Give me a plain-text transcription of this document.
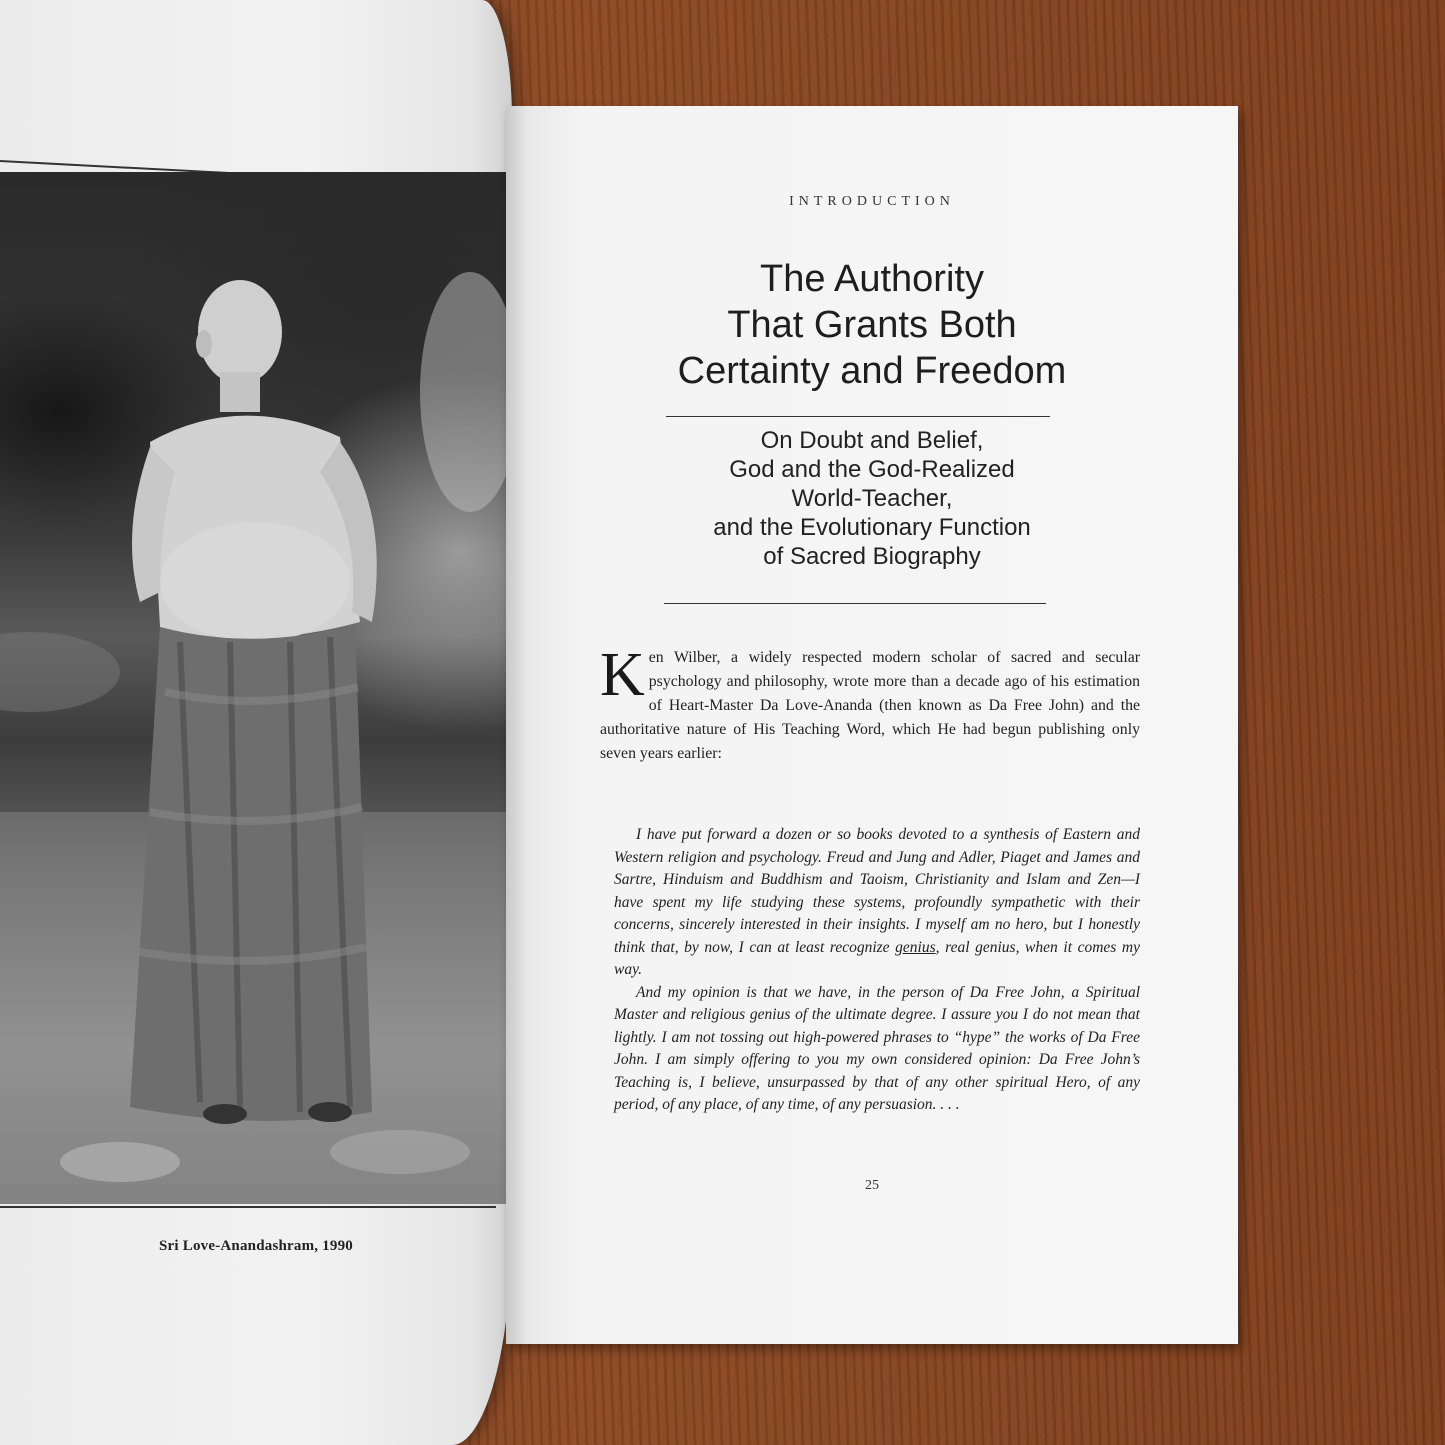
Sri Love-Anandashram, 1990
INTRODUCTION
The Authority
That Grants Both
Certainty and Freedom
On Doubt and Belief,
God and the God-Realized
World-Teacher,
and the Evolutionary Function
of Sacred Biography
Ken Wilber, a widely respected modern scholar of sacred and secular psychology and philosophy, wrote more than a decade ago of his estimation of Heart-Master Da Love-Ananda (then known as Da Free John) and the authoritative nature of His Teaching Word, which He had begun publishing only seven years earlier:

I have put forward a dozen or so books devoted to a synthesis of Eastern and Western religion and psychology. Freud and Jung and Adler, Piaget and James and Sartre, Hinduism and Buddhism and Taoism, Christianity and Islam and Zen—I have spent my life studying these systems, profoundly sympathetic with their concerns, sincerely interested in their insights. I myself am no hero, but I honestly think that, by now, I can at least recognize genius, real genius, when it comes my way.

And my opinion is that we have, in the person of Da Free John, a Spiritual Master and religious genius of the ultimate degree. I assure you I do not mean that lightly. I am not tossing out high-powered phrases to “hype” the works of Da Free John. I am simply offering to you my own considered opinion: Da Free John’s Teaching is, I believe, unsurpassed by that of any other spiritual Hero, of any period, of any place, of any time, of any persuasion. . . .

25
